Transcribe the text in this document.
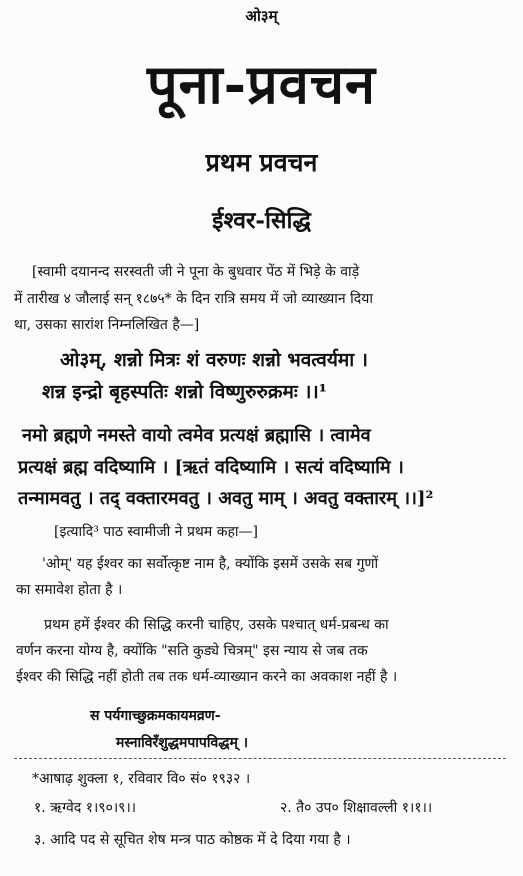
ओ३म्
पूना-प्रवचन
प्रथम प्रवचन
ईश्वर-सिद्धि
[स्वामी दयानन्द सरस्वती जी ने पूना के बुधवार पेंठ में भिड़े के वाड़े
में तारीख ४ जौलाई सन् १८७५* के दिन रात्रि समय में जो व्याख्यान दिया
था, उसका सारांश निम्नलिखित है—]
ओ३म्, शन्नो मित्रः शं वरुणः शन्नो भवत्वर्यमा ।
शन्न इन्द्रो बृहस्पतिः शन्नो विष्णुरुरुक्रमः ।।¹
नमो ब्रह्मणे नमस्ते वायो त्वमेव प्रत्यक्षं ब्रह्मासि । त्वामेव
प्रत्यक्षं ब्रह्म वदिष्यामि । [ऋतं वदिष्यामि । सत्यं वदिष्यामि ।
तन्मामवतु । तद् वक्तारमवतु । अवतु माम् । अवतु वक्तारम् ।।]²
[इत्यादि³ पाठ स्वामीजी ने प्रथम कहा—]
'ओम्' यह ईश्वर का सर्वोत्कृष्ट नाम है, क्योंकि इसमें उसके सब गुणों
का समावेश होता है ।
प्रथम हमें ईश्वर की सिद्धि करनी चाहिए, उसके पश्चात् धर्म-प्रबन्ध का
वर्णन करना योग्य है, क्योंकि "सति कुड्ये चित्रम्" इस न्याय से जब तक
ईश्वर की सिद्धि नहीं होती तब तक धर्म-व्याख्यान करने का अवकाश नहीं है ।
स पर्यगाच्छुक्रमकायमव्रण-
मस्नाविरँशुद्धमपापविद्धम् ।
*आषाढ़ शुक्ला १, रविवार वि० सं० १९३२ ।
१. ऋग्वेद १।९०।९।।	२. तै० उप० शिक्षावल्ली १।१।।
३. आदि पद से सूचित शेष मन्त्र पाठ कोष्ठक में दे दिया गया है ।
